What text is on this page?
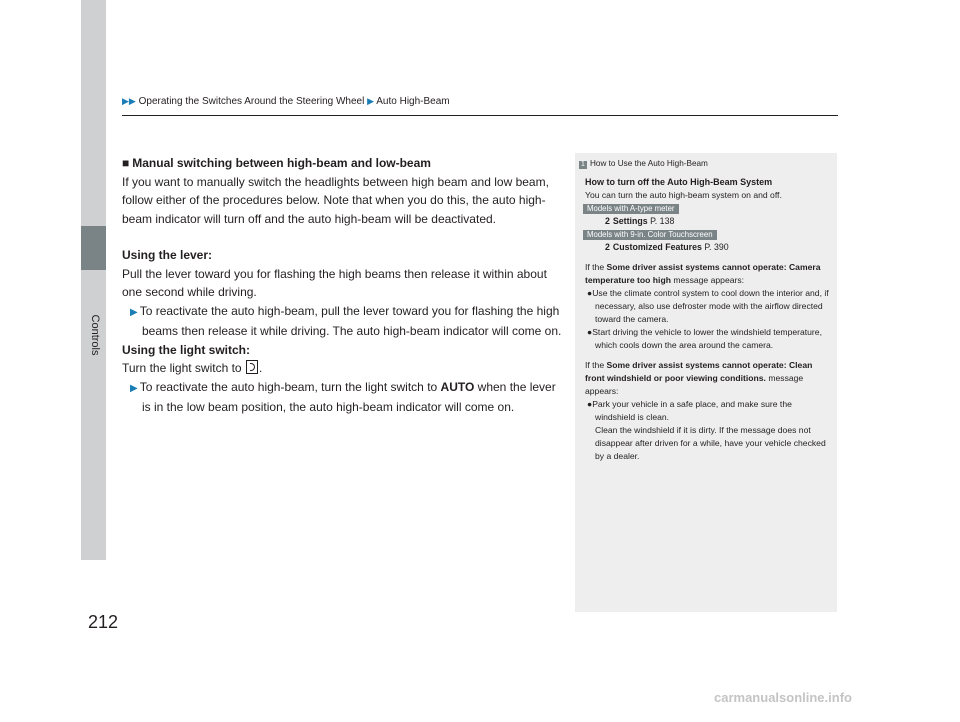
Controls
▶▶ Operating the Switches Around the Steering Wheel ▶ Auto High-Beam

■ Manual switching between high-beam and low-beam

If you want to manually switch the headlights between high beam and low beam,

follow either of the procedures below. Note that when you do this, the auto high-

beam indicator will turn off and the auto high-beam will be deactivated.

Using the lever:

Pull the lever toward you for flashing the high beams then release it within about

one second while driving.

▶ To reactivate the auto high-beam, pull the lever toward you for flashing the high beams then release it while driving. The auto high-beam indicator will come on.

Using the light switch:

Turn the light switch to .

▶ To reactivate the auto high-beam, turn the light switch to AUTO when the lever is in the low beam position, the auto high-beam indicator will come on.

1 How to Use the Auto High-Beam
How to turn off the Auto High-Beam System
You can turn the auto high-beam system on and off.
Models with A-type meter
2 Settings P. 138
Models with 9-in. Color Touchscreen
2 Customized Features P. 390
If the Some driver assist systems cannot operate: Camera temperature too high message appears:
●Use the climate control system to cool down the interior and, if necessary, also use defroster mode with the airflow directed toward the camera.
●Start driving the vehicle to lower the windshield temperature, which cools down the area around the camera.
If the Some driver assist systems cannot operate: Clean front windshield or poor viewing conditions. message appears:
●Park your vehicle in a safe place, and make sure the windshield is clean.
Clean the windshield if it is dirty. If the message does not disappear after driven for a while, have your vehicle checked by a dealer.
212
carmanualsonline.info
